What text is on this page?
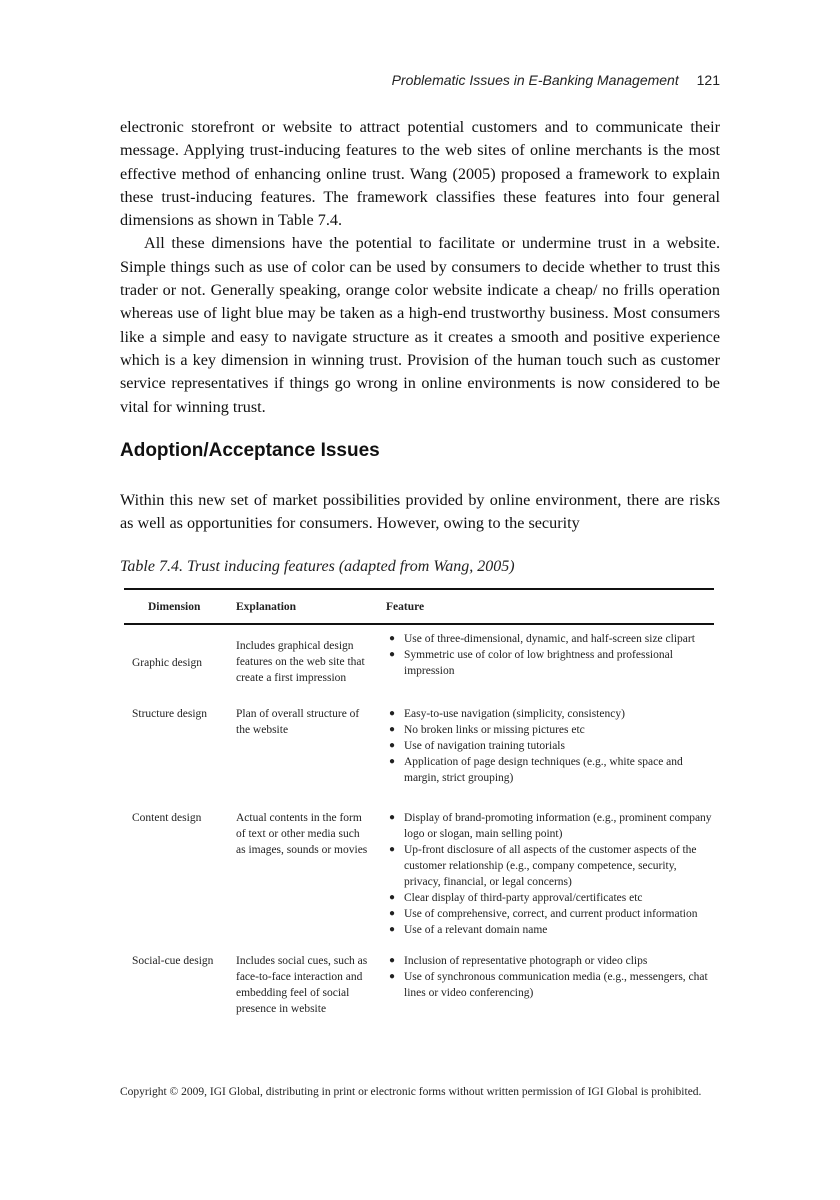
Problematic Issues in E-Banking Management 121

electronic storefront or website to attract potential customers and to communicate their message. Applying trust-inducing features to the web sites of online merchants is the most effective method of enhancing online trust. Wang (2005) proposed a framework to explain these trust-inducing features. The framework classifies these features into four general dimensions as shown in Table 7.4.

All these dimensions have the potential to facilitate or undermine trust in a website. Simple things such as use of color can be used by consumers to decide whether to trust this trader or not. Generally speaking, orange color website indicate a cheap/ no frills operation whereas use of light blue may be taken as a high-end trustworthy business. Most consumers like a simple and easy to navigate structure as it creates a smooth and positive experience which is a key dimension in winning trust. Provision of the human touch such as customer service representatives if things go wrong in online environments is now considered to be vital for winning trust.

Adoption/Acceptance Issues

Within this new set of market possibilities provided by online environment, there are risks as well as opportunities for consumers. However, owing to the security

Table 7.4. Trust inducing features (adapted from Wang, 2005)

Dimension	Explanation	Feature
Graphic design	Includes graphical design features on the web site that create a first impression	
● Use of three-dimensional, dynamic, and half-screen size clipart
● Symmetric use of color of low brightness and professional impression

Structure design	Plan of overall structure of the website	
● Easy-to-use navigation (simplicity, consistency)
● No broken links or missing pictures etc
● Use of navigation training tutorials
● Application of page design techniques (e.g., white space and margin, strict grouping)

Content design	Actual contents in the form of text or other media such as images, sounds or movies	
● Display of brand-promoting information (e.g., prominent company logo or slogan, main selling point)
● Up-front disclosure of all aspects of the customer aspects of the customer relationship (e.g., company competence, security, privacy, financial, or legal concerns)
● Clear display of third-party approval/certificates etc
● Use of comprehensive, correct, and current product information
● Use of a relevant domain name

Social-cue design	Includes social cues, such as face-to-face interaction and embedding feel of social presence in website	
● Inclusion of representative photograph or video clips
● Use of synchronous communication media (e.g., messengers, chat lines or video conferencing)

Copyright © 2009, IGI Global, distributing in print or electronic forms without written permission of IGI Global is prohibited.
